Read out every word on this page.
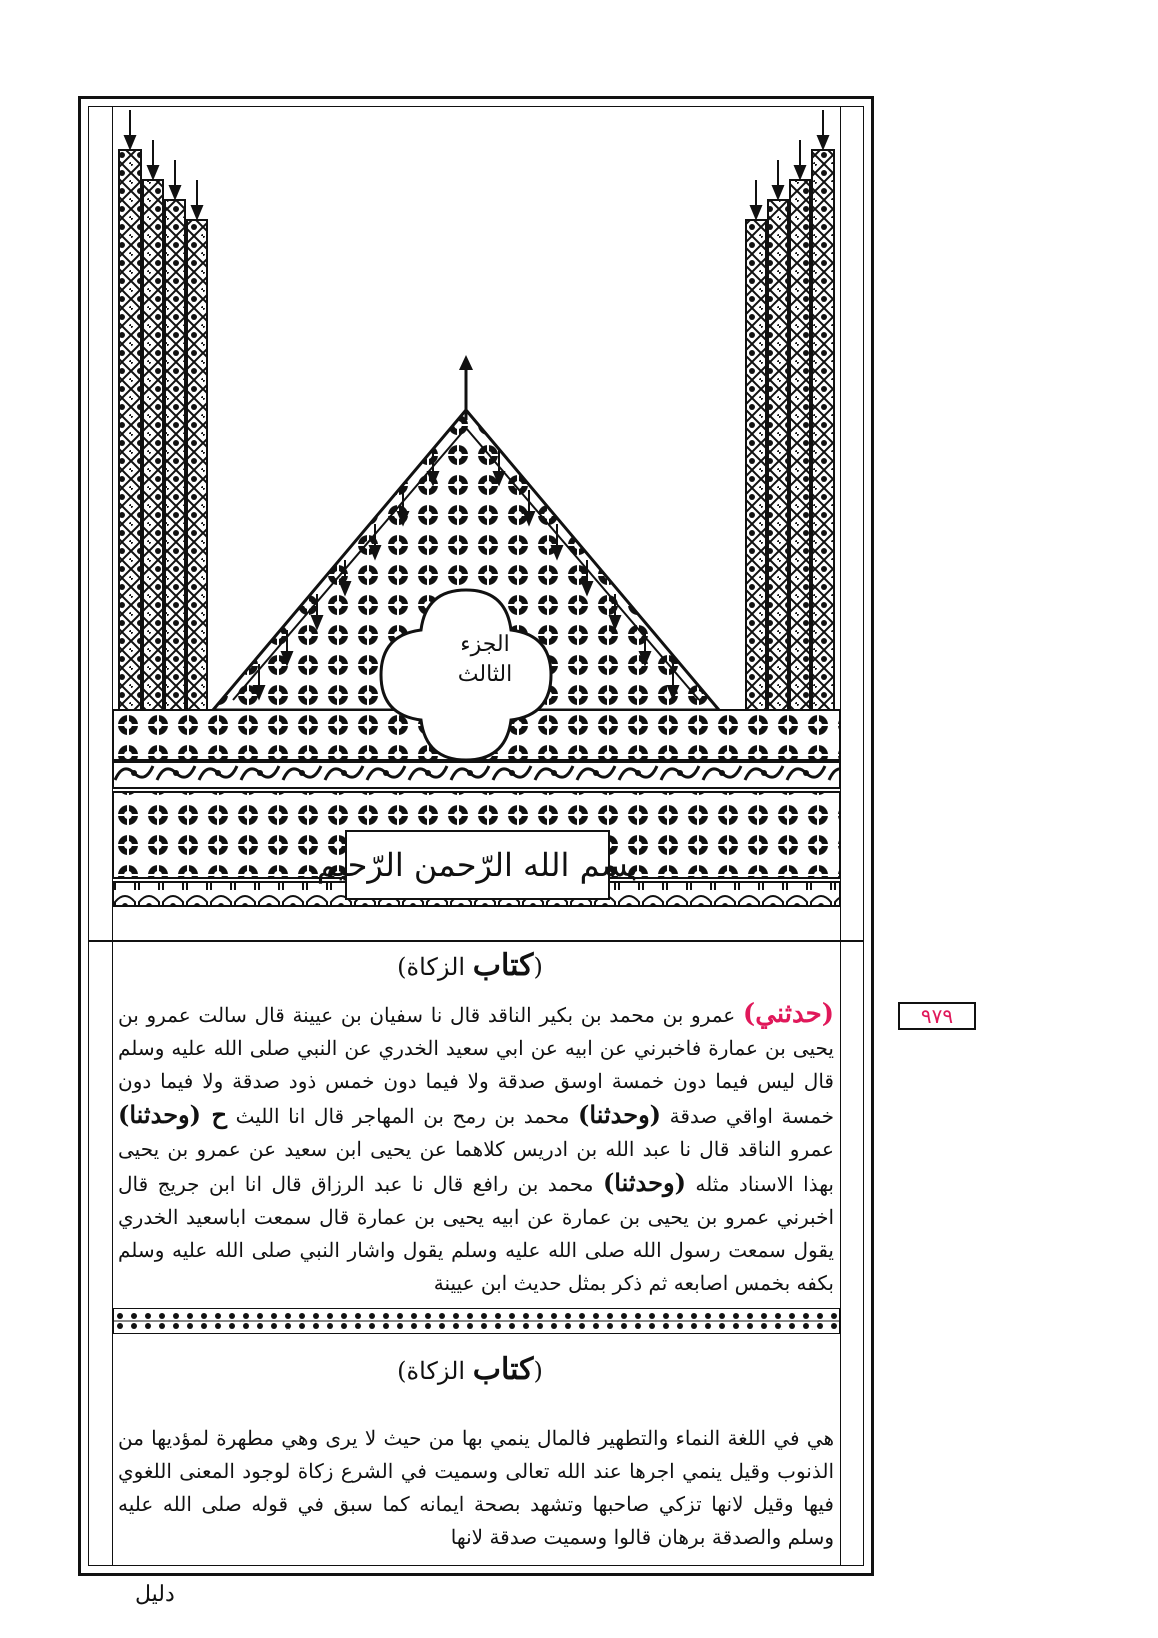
الجزء
الثالث
بسم الله الرّحمن الرّحيم
(كتاب الزكاة)
٩٧٩

(حدثني) عمرو بن محمد بن بكير الناقد قال نا سفيان بن عيينة قال سالت عمرو بن يحيى بن عمارة فاخبرني عن ابيه عن ابي سعيد الخدري عن النبي صلى الله عليه وسلم قال ليس فيما دون خمسة اوسق صدقة ولا فيما دون خمس ذود صدقة ولا فيما دون خمسة اواقي صدقة (وحدثنا) محمد بن رمح بن المهاجر قال انا الليث ح (وحدثنا) عمرو الناقد قال نا عبد الله بن ادريس كلاهما عن يحيى ابن سعيد عن عمرو بن يحيى بهذا الاسناد مثله (وحدثنا) محمد بن رافع قال نا عبد الرزاق قال انا ابن جريج قال اخبرني عمرو بن يحيى بن عمارة عن ابيه يحيى بن عمارة قال سمعت اباسعيد الخدري يقول سمعت رسول الله صلى الله عليه وسلم يقول واشار النبي صلى الله عليه وسلم بكفه بخمس اصابعه ثم ذكر بمثل حديث ابن عيينة

(كتاب الزكاة)

هي في اللغة النماء والتطهير فالمال ينمي بها من حيث لا يرى وهي مطهرة لمؤديها من الذنوب وقيل ينمي اجرها عند الله تعالى وسميت في الشرع زكاة لوجود المعنى اللغوي فيها وقيل لانها تزكي صاحبها وتشهد بصحة ايمانه كما سبق في قوله صلى الله عليه وسلم والصدقة برهان قالوا وسميت صدقة لانها

دليل
